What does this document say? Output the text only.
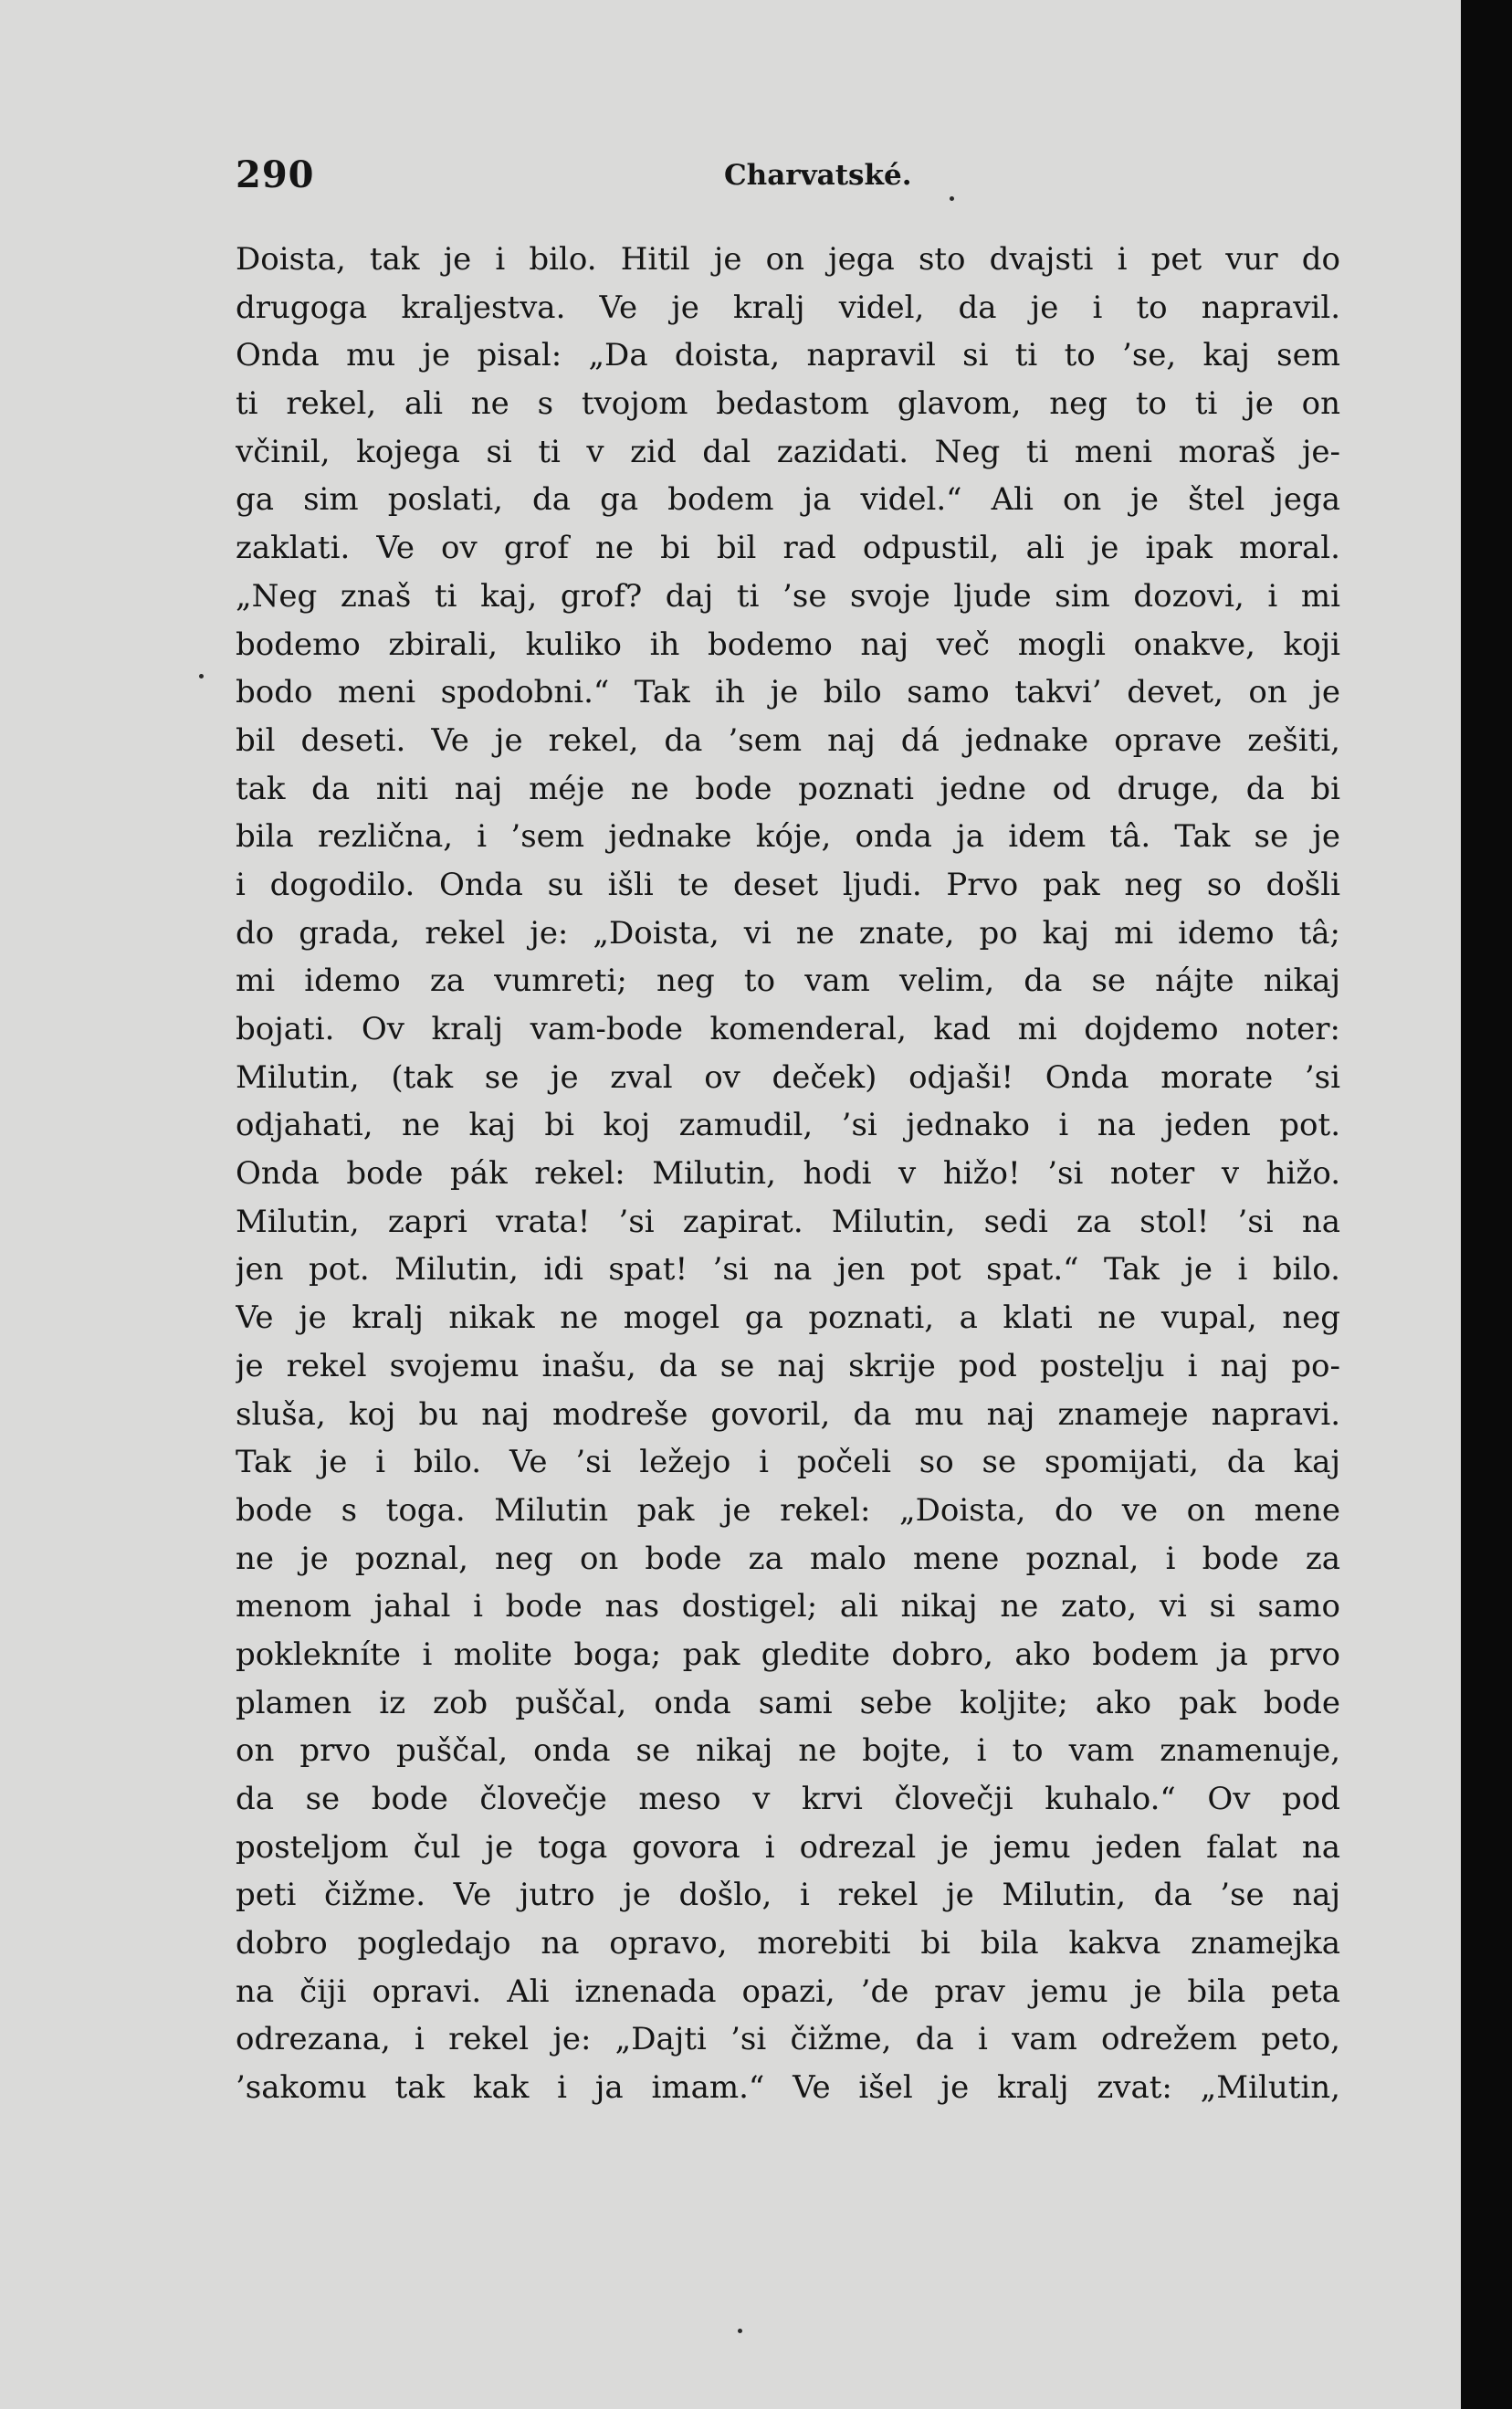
290	Charvatské.
Doista, tak je i bilo. Hitil je on jega sto dvajsti i pet vur do
drugoga kraljestva. Ve je kralj videl, da je i to napravil.
Onda mu je pisal: „Da doista, napravil si ti to ’se, kaj sem
ti rekel, ali ne s tvojom bedastom glavom, neg to ti je on
včinil, kojega si ti v zid dal zazidati. Neg ti meni moraš je-
ga sim poslati, da ga bodem ja videl.“ Ali on je štel jega
zaklati. Ve ov grof ne bi bil rad odpustil, ali je ipak moral.
„Neg znaš ti kaj, grof? daj ti ’se svoje ljude sim dozovi, i mi
bodemo zbirali, kuliko ih bodemo naj več mogli onakve, koji
bodo meni spodobni.“ Tak ih je bilo samo takvi’ devet, on je
bil deseti. Ve je rekel, da ’sem naj dá jednake oprave zešiti,
tak da niti naj méje ne bode poznati jedne od druge, da bi
bila rezlična, i ’sem jednake kóje, onda ja idem tâ. Tak se je
i dogodilo. Onda su išli te deset ljudi. Prvo pak neg so došli
do grada, rekel je: „Doista, vi ne znate, po kaj mi idemo tâ;
mi idemo za vumreti; neg to vam velim, da se nájte nikaj
bojati. Ov kralj vam-bode komenderal, kad mi dojdemo noter:
Milutin, (tak se je zval ov deček) odjaši! Onda morate ’si
odjahati, ne kaj bi koj zamudil, ’si jednako i na jeden pot.
Onda bode pák rekel: Milutin, hodi v hižo! ’si noter v hižo.
Milutin, zapri vrata! ’si zapirat. Milutin, sedi za stol! ’si na
jen pot. Milutin, idi spat! ’si na jen pot spat.“ Tak je i bilo.
Ve je kralj nikak ne mogel ga poznati, a klati ne vupal, neg
je rekel svojemu inašu, da se naj skrije pod postelju i naj po-
sluša, koj bu naj modreše govoril, da mu naj znameje napravi.
Tak je i bilo. Ve ’si ležejo i počeli so se spomijati, da kaj
bode s toga. Milutin pak je rekel: „Doista, do ve on mene
ne je poznal, neg on bode za malo mene poznal, i bode za
menom jahal i bode nas dostigel; ali nikaj ne zato, vi si samo
poklekníte i molite boga; pak gledite dobro, ako bodem ja prvo
plamen iz zob puščal, onda sami sebe koljite; ako pak bode
on prvo puščal, onda se nikaj ne bojte, i to vam znamenuje,
da se bode človečje meso v krvi človečji kuhalo.“ Ov pod
posteljom čul je toga govora i odrezal je jemu jeden falat na
peti čižme. Ve jutro je došlo, i rekel je Milutin, da ’se naj
dobro pogledajo na opravo, morebiti bi bila kakva znamejka
na čiji opravi. Ali iznenada opazi, ’de prav jemu je bila peta
odrezana, i rekel je: „Dajti ’si čižme, da i vam odrežem peto,
’sakomu tak kak i ja imam.“ Ve išel je kralj zvat: „Milutin,
